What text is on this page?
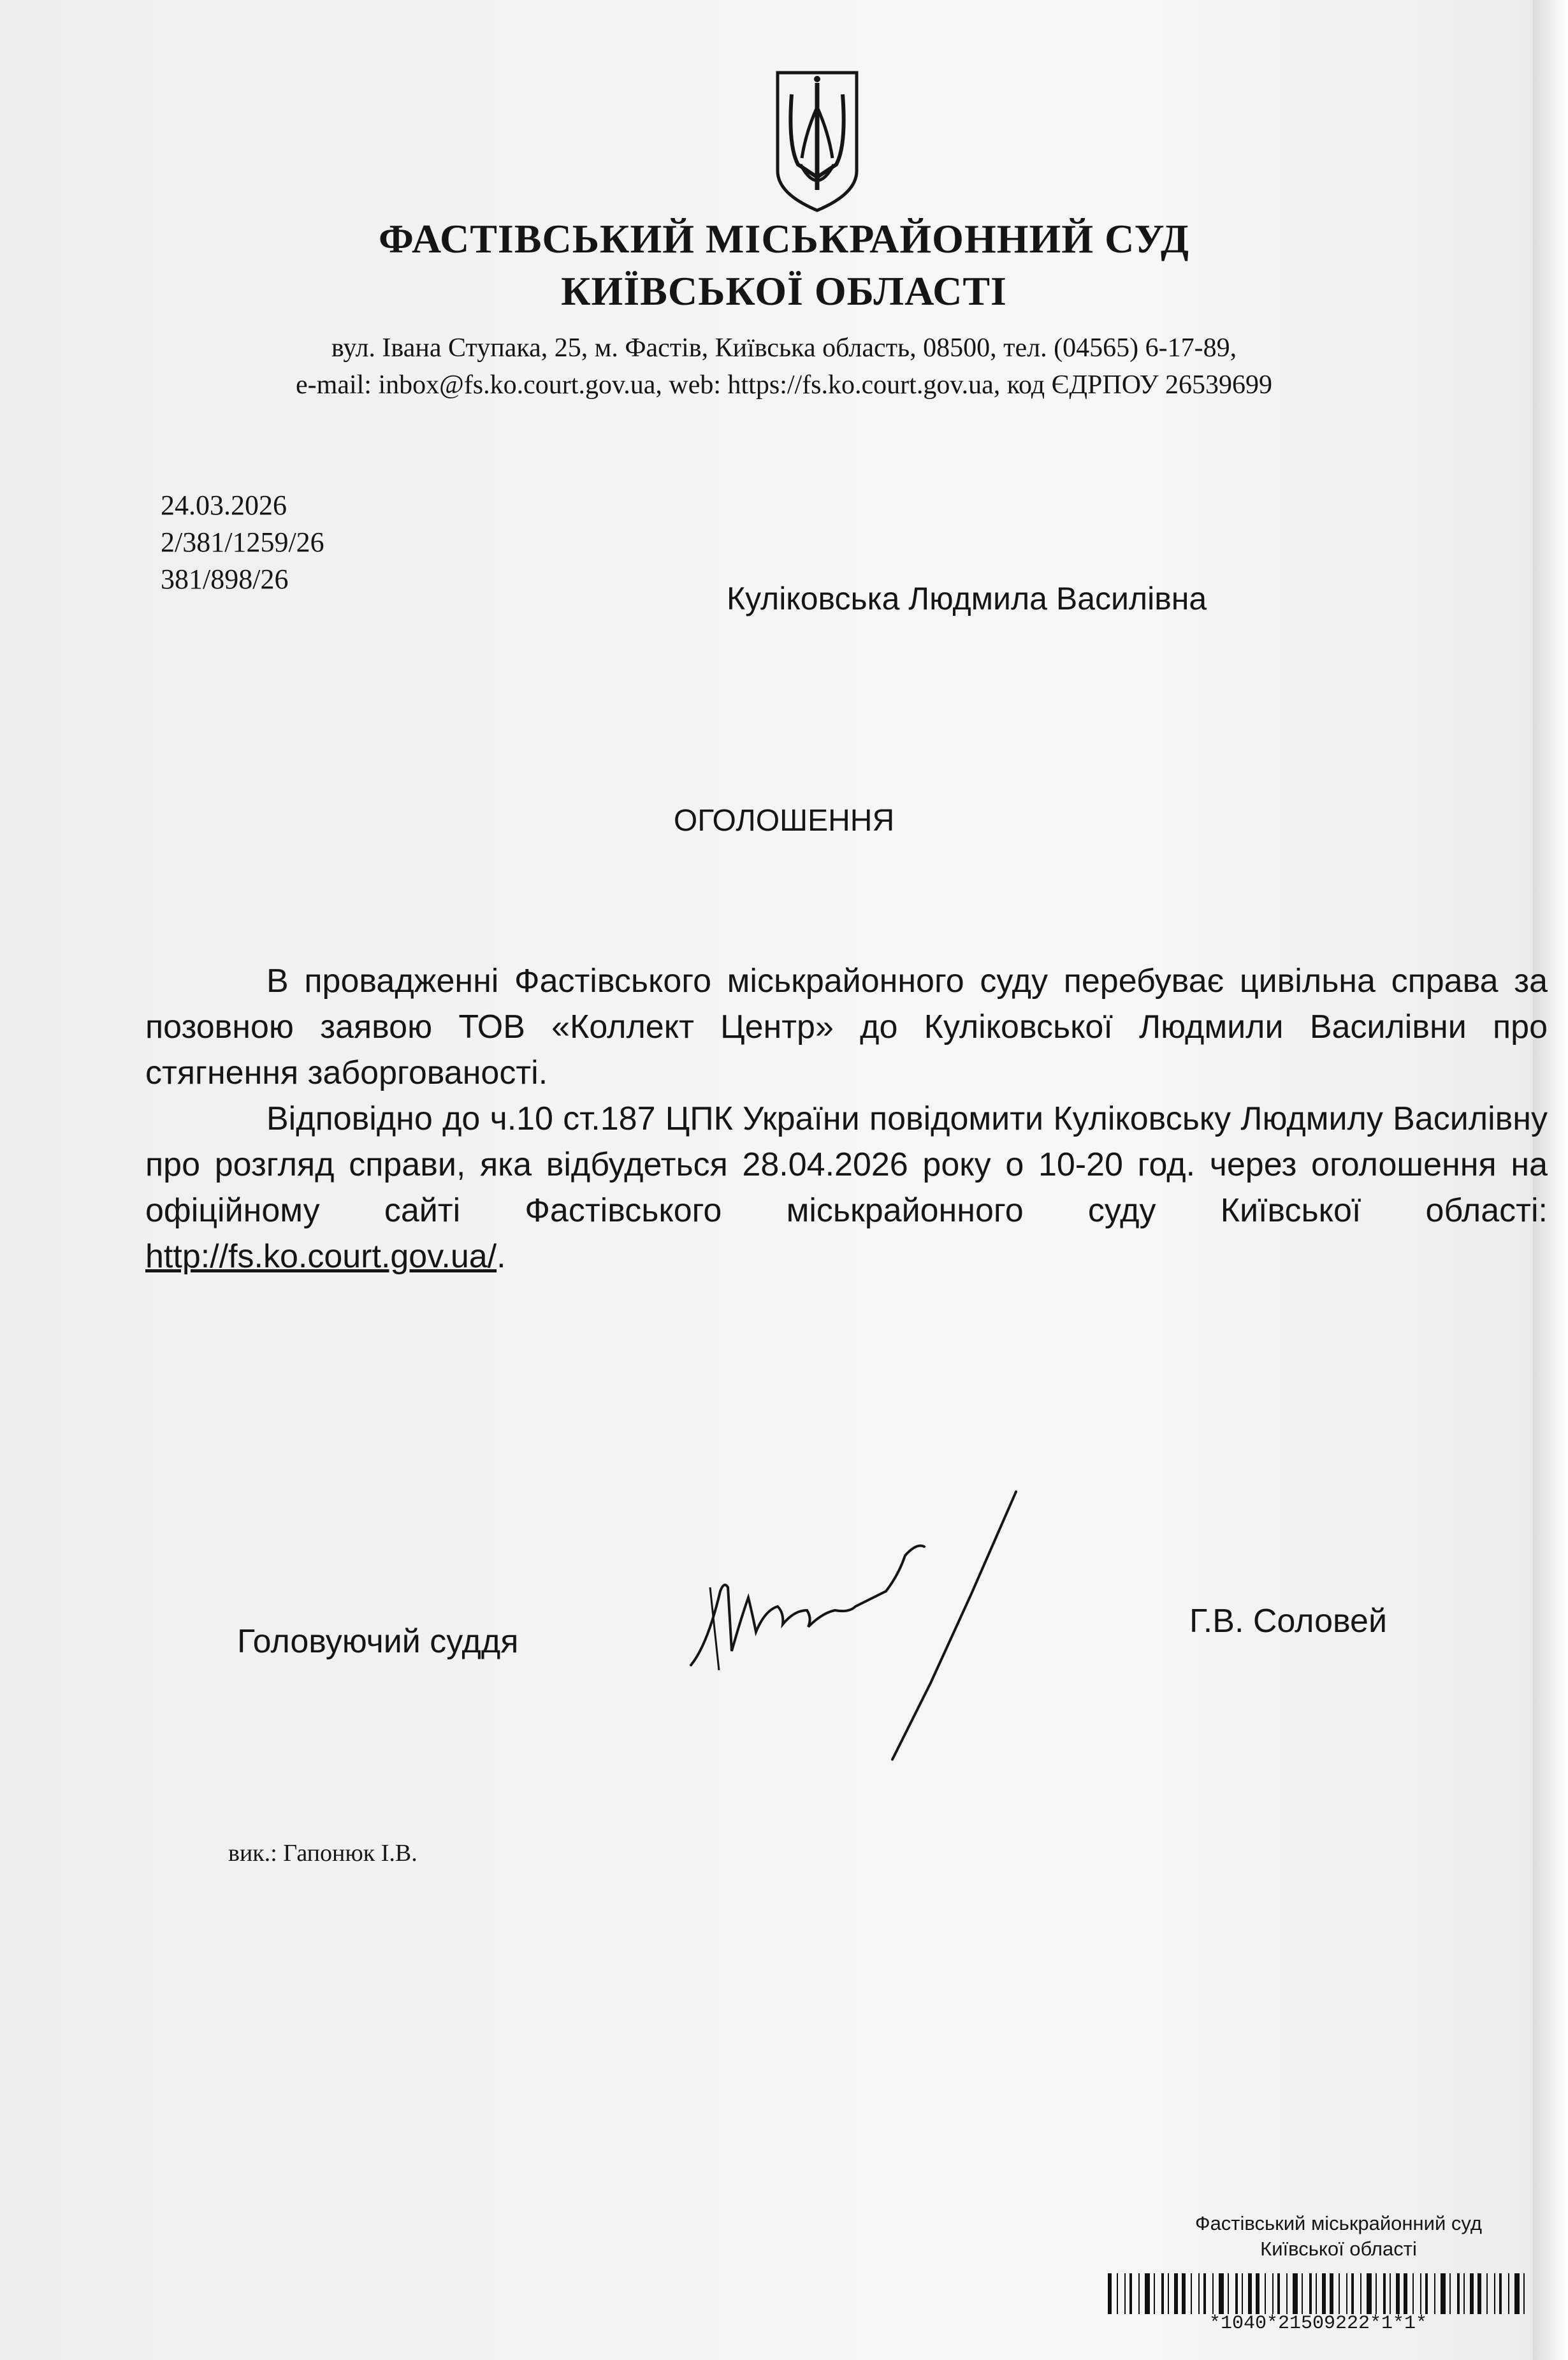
ФАСТІВСЬКИЙ МІСЬКРАЙОННИЙ СУД
КИЇВСЬКОЇ ОБЛАСТІ
вул. Івана Ступака, 25, м. Фастів, Київська область, 08500, тел. (04565) 6-17-89,
e-mail: inbox@fs.ko.court.gov.ua, web: https://fs.ko.court.gov.ua, код ЄДРПОУ 26539699
24.03.2026
2/381/1259/26
381/898/26
Куліковська Людмила Василівна
ОГОЛОШЕННЯ

В провадженні Фастівського міськрайонного суду перебуває цивільна справа за позовною заявою ТОВ «Коллект Центр» до Куліковської Людмили Василівни про стягнення заборгованості.

Відповідно до ч.10 ст.187 ЦПК України повідомити Куліковську Людмилу Василівну про розгляд справи, яка відбудеться 28.04.2026 року о 10-20 год. через оголошення на офіційному сайті Фастівського міськрайонного суду Київської області: http://fs.ko.court.gov.ua/.

Головуючий суддя
Г.В. Соловей
вик.: Гапонюк І.В.
Фастівський міськрайонний суд
Київської області
*1040*21509222*1*1*
